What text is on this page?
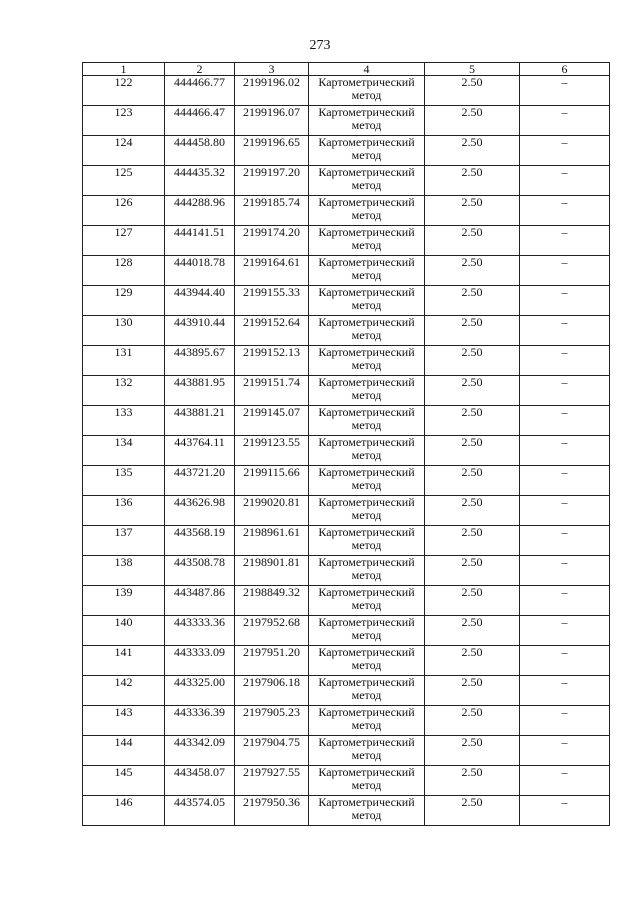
273
1	2	3	4	5	6
122	444466.77	2199196.02	Картометрический метод	2.50	–
123	444466.47	2199196.07	Картометрический метод	2.50	–
124	444458.80	2199196.65	Картометрический метод	2.50	–
125	444435.32	2199197.20	Картометрический метод	2.50	–
126	444288.96	2199185.74	Картометрический метод	2.50	–
127	444141.51	2199174.20	Картометрический метод	2.50	–
128	444018.78	2199164.61	Картометрический метод	2.50	–
129	443944.40	2199155.33	Картометрический метод	2.50	–
130	443910.44	2199152.64	Картометрический метод	2.50	–
131	443895.67	2199152.13	Картометрический метод	2.50	–
132	443881.95	2199151.74	Картометрический метод	2.50	–
133	443881.21	2199145.07	Картометрический метод	2.50	–
134	443764.11	2199123.55	Картометрический метод	2.50	–
135	443721.20	2199115.66	Картометрический метод	2.50	–
136	443626.98	2199020.81	Картометрический метод	2.50	–
137	443568.19	2198961.61	Картометрический метод	2.50	–
138	443508.78	2198901.81	Картометрический метод	2.50	–
139	443487.86	2198849.32	Картометрический метод	2.50	–
140	443333.36	2197952.68	Картометрический метод	2.50	–
141	443333.09	2197951.20	Картометрический метод	2.50	–
142	443325.00	2197906.18	Картометрический метод	2.50	–
143	443336.39	2197905.23	Картометрический метод	2.50	–
144	443342.09	2197904.75	Картометрический метод	2.50	–
145	443458.07	2197927.55	Картометрический метод	2.50	–
146	443574.05	2197950.36	Картометрический метод	2.50	–
